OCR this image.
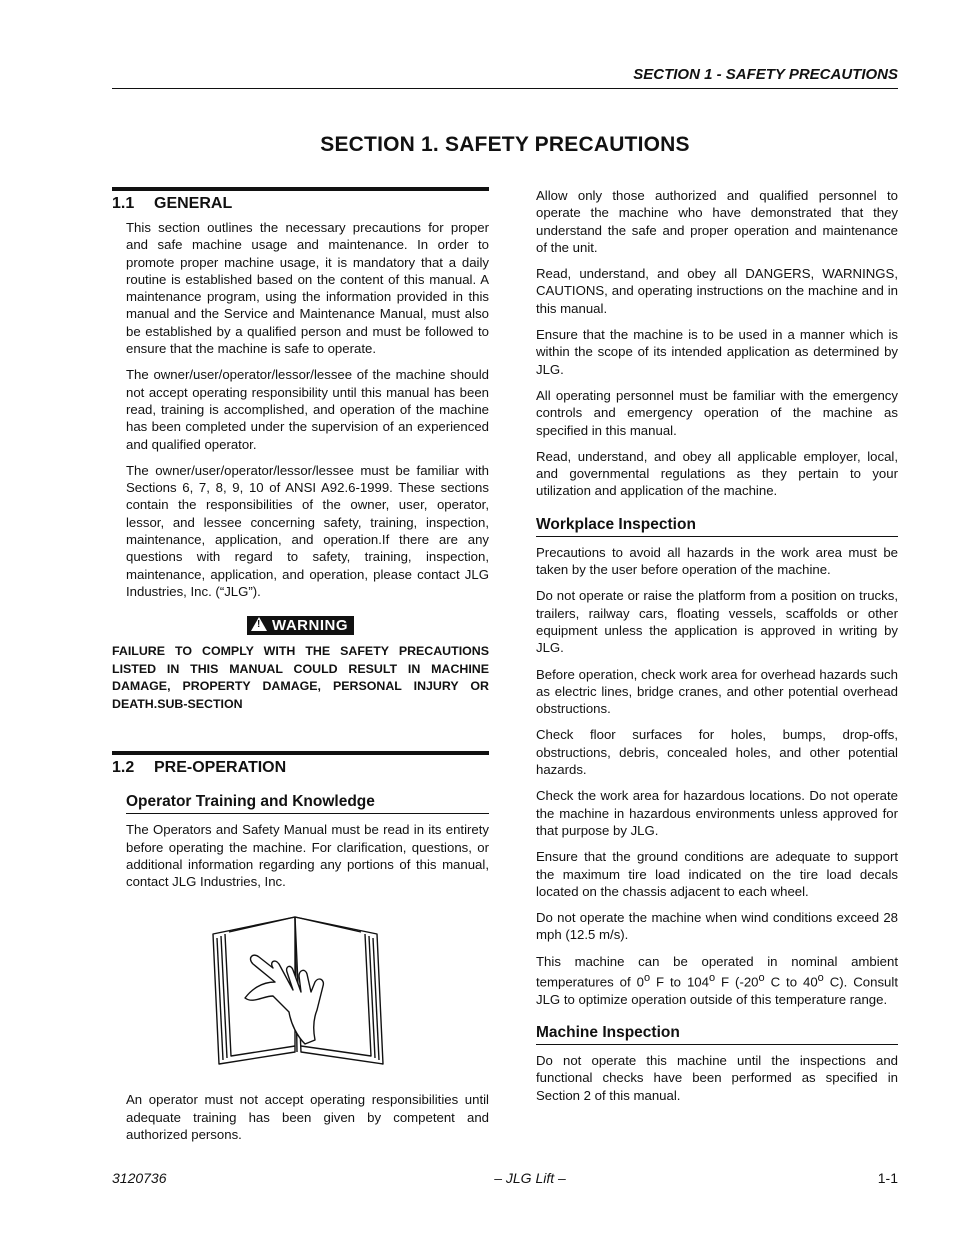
SECTION 1 - SAFETY PRECAUTIONS
SECTION 1. SAFETY PRECAUTIONS
1.1 GENERAL

This section outlines the necessary precautions for proper and safe machine usage and maintenance. In order to promote proper machine usage, it is mandatory that a daily routine is established based on the content of this manual. A maintenance program, using the information provided in this manual and the Service and Maintenance Manual, must also be established by a qualified person and must be followed to ensure that the machine is safe to operate.

The owner/user/operator/lessor/lessee of the machine should not accept operating responsibility until this manual has been read, training is accomplished, and operation of the machine has been completed under the supervision of an experienced and qualified operator.

The owner/user/operator/lessor/lessee must be familiar with Sections 6, 7, 8, 9, 10 of ANSI A92.6-1999. These sections contain the responsibilities of the owner, user, operator, lessor, and lessee concerning safety, training, inspection, maintenance, application, and operation.If there are any questions with regard to safety, training, inspection, maintenance, application, and operation, please contact JLG Industries, Inc. (“JLG”).

! WARNING
FAILURE TO COMPLY WITH THE SAFETY PRECAUTIONS LISTED IN THIS MANUAL COULD RESULT IN MACHINE DAMAGE, PROPERTY DAMAGE, PERSONAL INJURY OR DEATH.SUB-SECTION
1.2 PRE-OPERATION
Operator Training and Knowledge

The Operators and Safety Manual must be read in its entirety before operating the machine. For clarification, questions, or additional information regarding any portions of this manual, contact JLG Industries, Inc.

An operator must not accept operating responsibilities until adequate training has been given by competent and authorized persons.

Allow only those authorized and qualified personnel to operate the machine who have demonstrated that they understand the safe and proper operation and maintenance of the unit.

Read, understand, and obey all DANGERS, WARNINGS, CAUTIONS, and operating instructions on the machine and in this manual.

Ensure that the machine is to be used in a manner which is within the scope of its intended application as determined by JLG.

All operating personnel must be familiar with the emergency controls and emergency operation of the machine as specified in this manual.

Read, understand, and obey all applicable employer, local, and governmental regulations as they pertain to your utilization and application of the machine.

Workplace Inspection

Precautions to avoid all hazards in the work area must be taken by the user before operation of the machine.

Do not operate or raise the platform from a position on trucks, trailers, railway cars, floating vessels, scaffolds or other equipment unless the application is approved in writing by JLG.

Before operation, check work area for overhead hazards such as electric lines, bridge cranes, and other potential overhead obstructions.

Check floor surfaces for holes, bumps, drop-offs, obstructions, debris, concealed holes, and other potential hazards.

Check the work area for hazardous locations. Do not operate the machine in hazardous environments unless approved for that purpose by JLG.

Ensure that the ground conditions are adequate to support the maximum tire load indicated on the tire load decals located on the chassis adjacent to each wheel.

Do not operate the machine when wind conditions exceed 28 mph (12.5 m/s).

This machine can be operated in nominal ambient temperatures of 0$^o$ F to 104$^o$ F (-20$^o$ C to 40$^o$ C). Consult JLG to optimize operation outside of this temperature range.

Machine Inspection

Do not operate this machine until the inspections and functional checks have been performed as specified in Section 2 of this manual.

3120736	– JLG Lift –	1-1
